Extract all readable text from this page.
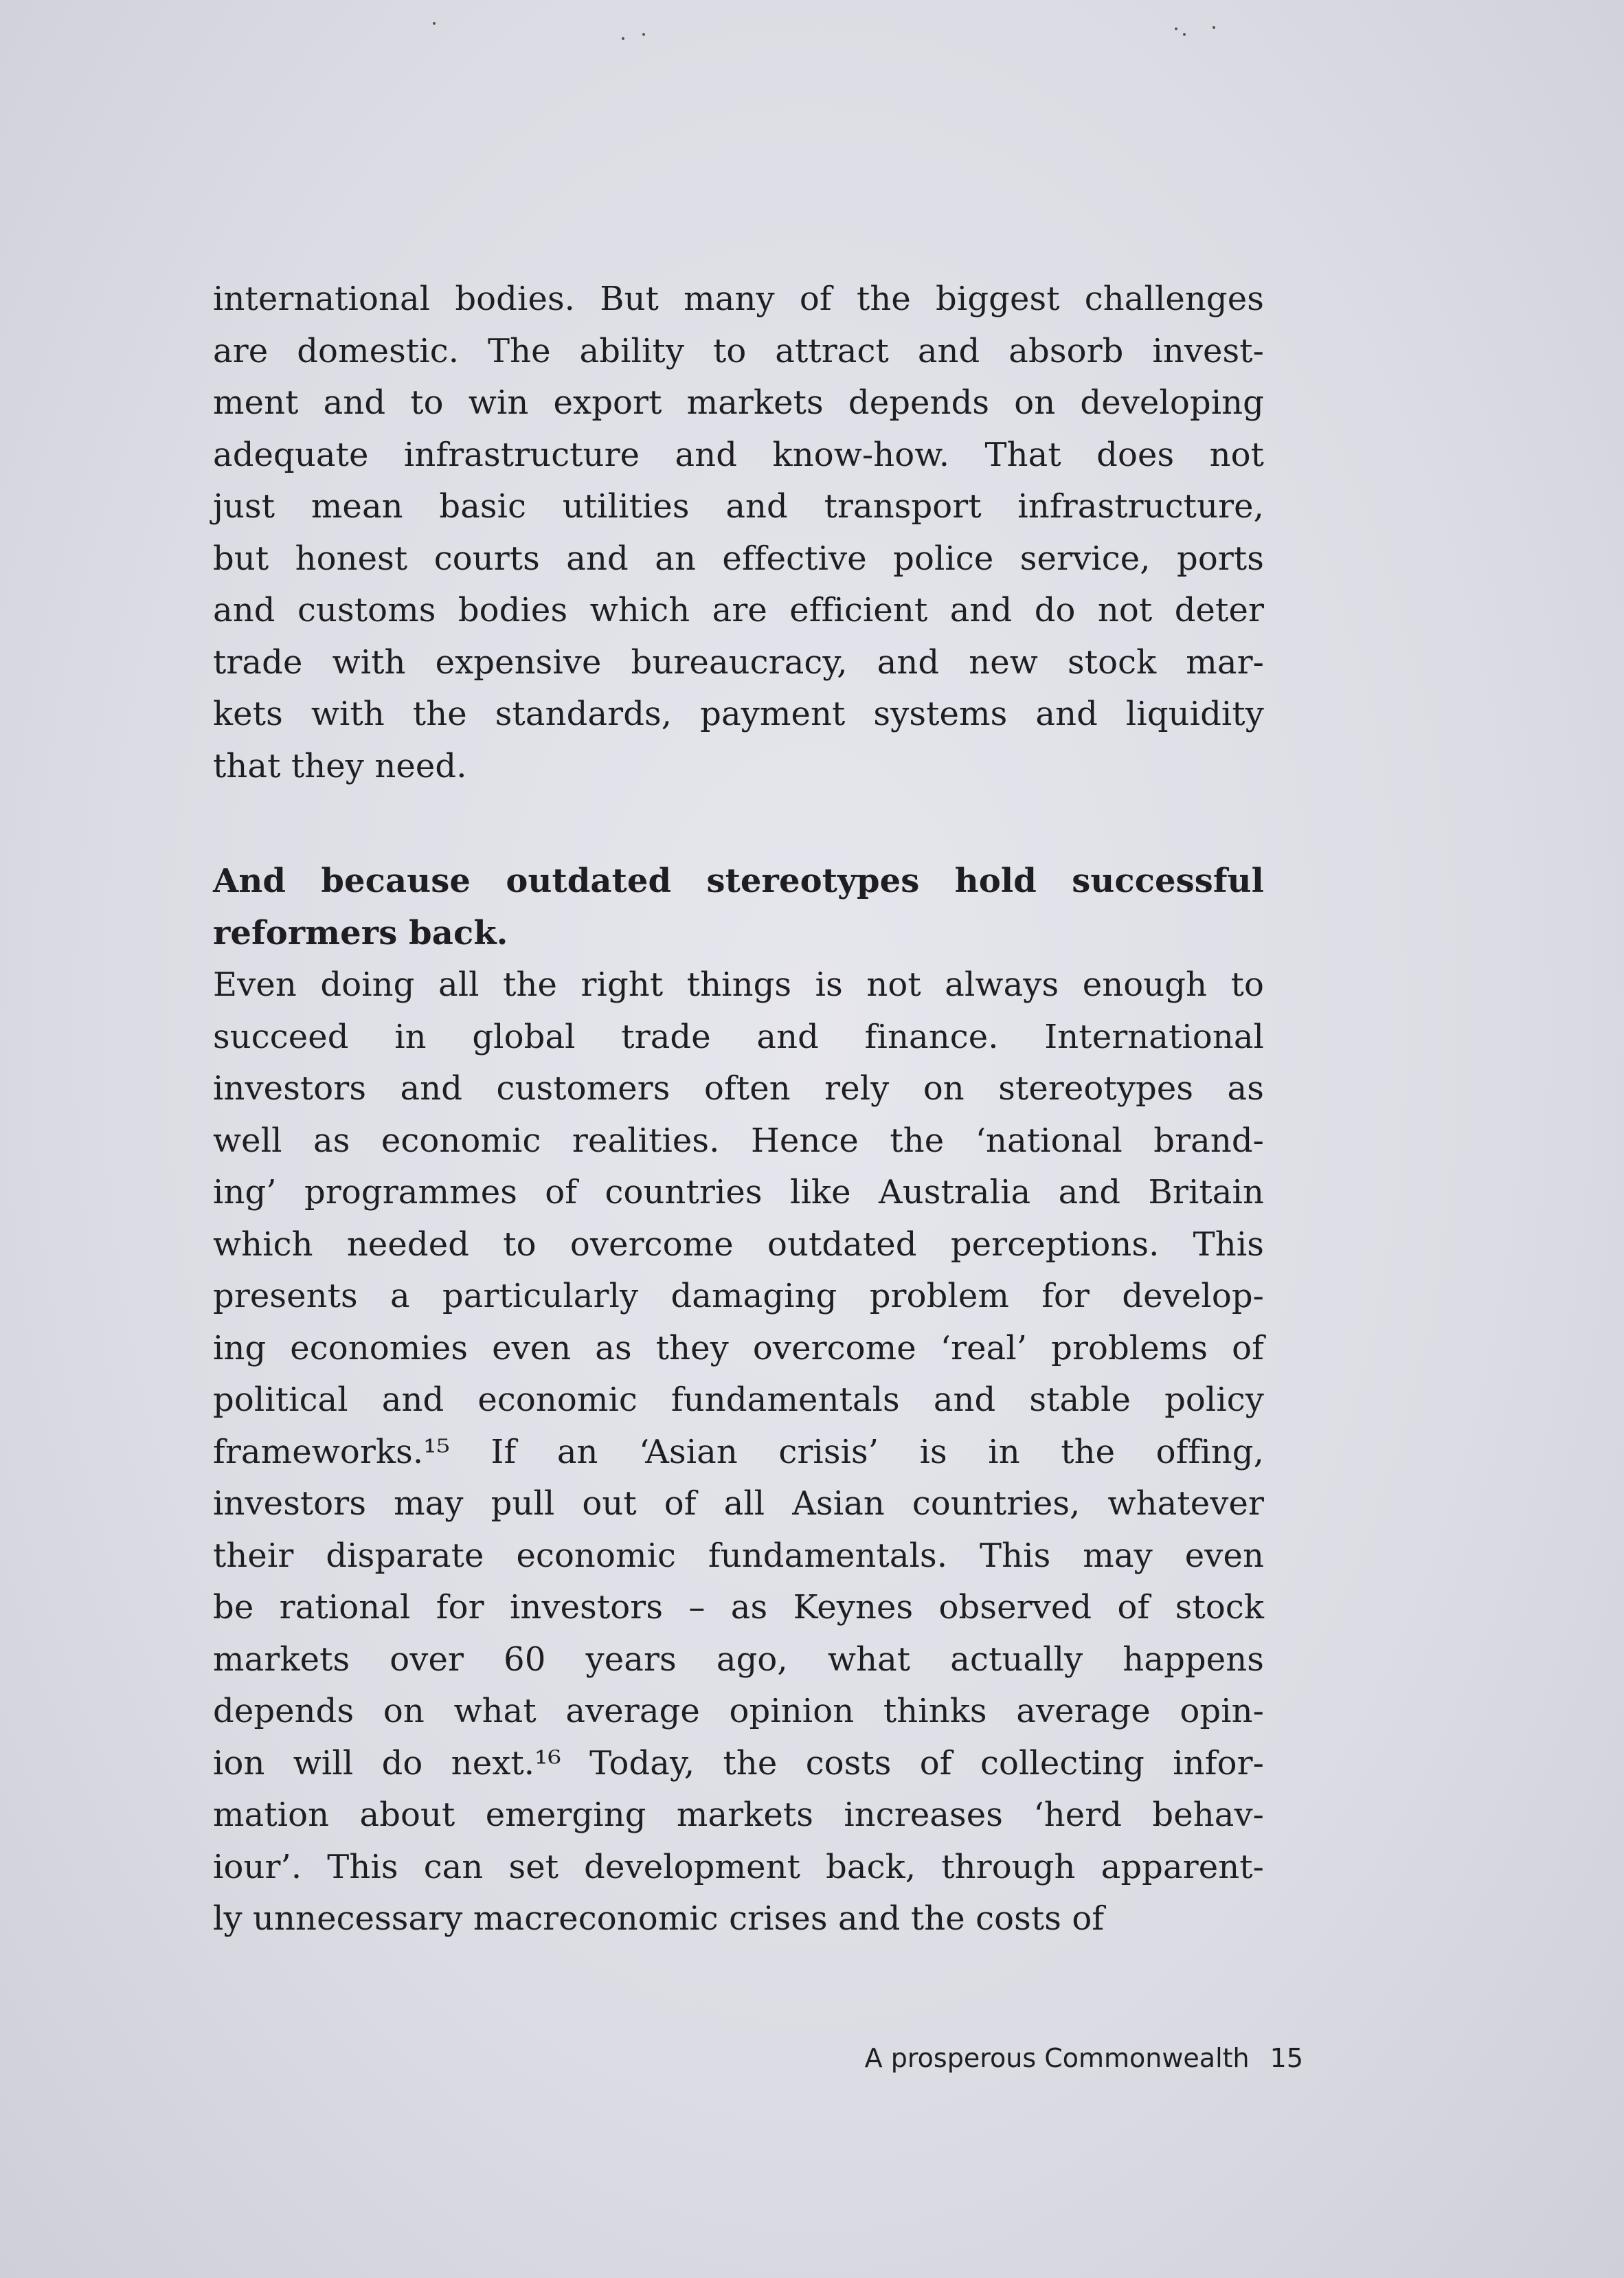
international bodies. But many of the biggest challenges
are domestic. The ability to attract and absorb invest-
ment and to win export markets depends on developing
adequate infrastructure and know-how. That does not
just mean basic utilities and transport infrastructure,
but honest courts and an effective police service, ports
and customs bodies which are efficient and do not deter
trade with expensive bureaucracy, and new stock mar-
kets with the standards, payment systems and liquidity
that they need.
And because outdated stereotypes hold successful
reformers back.
Even doing all the right things is not always enough to
succeed in global trade and finance. International
investors and customers often rely on stereotypes as
well as economic realities. Hence the ‘national brand-
ing’ programmes of countries like Australia and Britain
which needed to overcome outdated perceptions. This
presents a particularly damaging problem for develop-
ing economies even as they overcome ‘real’ problems of
political and economic fundamentals and stable policy
frameworks.¹⁵ If an ‘Asian crisis’ is in the offing,
investors may pull out of all Asian countries, whatever
their disparate economic fundamentals. This may even
be rational for investors – as Keynes observed of stock
markets over 60 years ago, what actually happens
depends on what average opinion thinks average opin-
ion will do next.¹⁶ Today, the costs of collecting infor-
mation about emerging markets increases ‘herd behav-
iour’. This can set development back, through apparent-
ly unnecessary macreconomic crises and the costs of
A prosperous Commonwealth 15
